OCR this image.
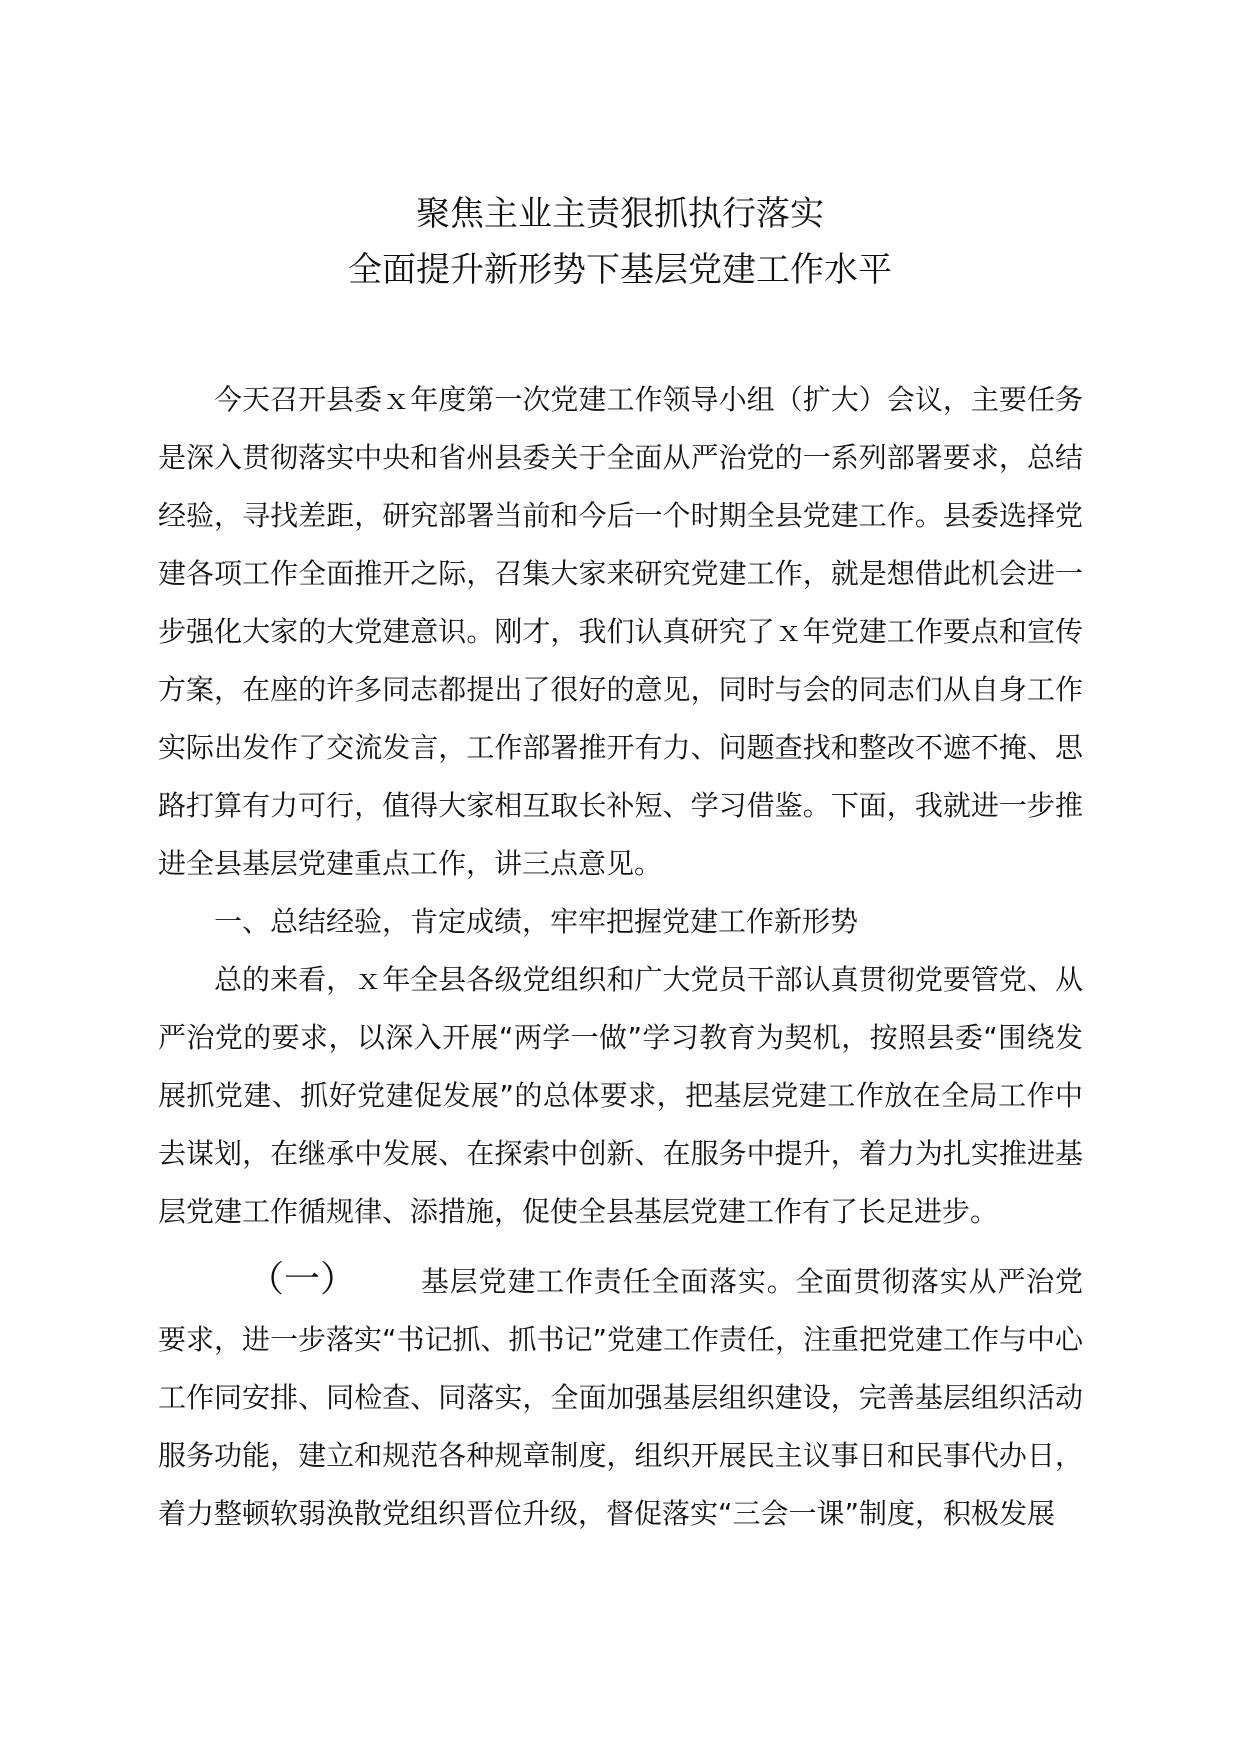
聚焦主业主责狠抓执行落实
全面提升新形势下基层党建工作水平

今天召开县委ｘ年度第一次党建工作领导小组（扩大）会议，主要任务是深入贯彻落实中央和省州县委关于全面从严治党的一系列部署要求，总结经验，寻找差距，研究部署当前和今后一个时期全县党建工作。县委选择党建各项工作全面推开之际，召集大家来研究党建工作，就是想借此机会进一步强化大家的大党建意识。刚才，我们认真研究了ｘ年党建工作要点和宣传方案，在座的许多同志都提出了很好的意见，同时与会的同志们从自身工作实际出发作了交流发言，工作部署推开有力、问题查找和整改不遮不掩、思路打算有力可行，值得大家相互取长补短、学习借鉴。下面，我就进一步推进全县基层党建重点工作，讲三点意见。

一、总结经验，肯定成绩，牢牢把握党建工作新形势

总的来看，ｘ年全县各级党组织和广大党员干部认真贯彻党要管党、从严治党的要求，以深入开展“两学一做”学习教育为契机，按照县委“围绕发展抓党建、抓好党建促发展”的总体要求，把基层党建工作放在全局工作中去谋划，在继承中发展、在探索中创新、在服务中提升，着力为扎实推进基层党建工作循规律、添措施，促使全县基层党建工作有了长足进步。

（一） 基层党建工作责任全面落实。全面贯彻落实从严治党要求，进一步落实“书记抓、抓书记”党建工作责任，注重把党建工作与中心工作同安排、同检查、同落实，全面加强基层组织建设，完善基层组织活动服务功能，建立和规范各种规章制度，组织开展民主议事日和民事代办日，着力整顿软弱涣散党组织晋位升级，督促落实“三会一课”制度，积极发展
